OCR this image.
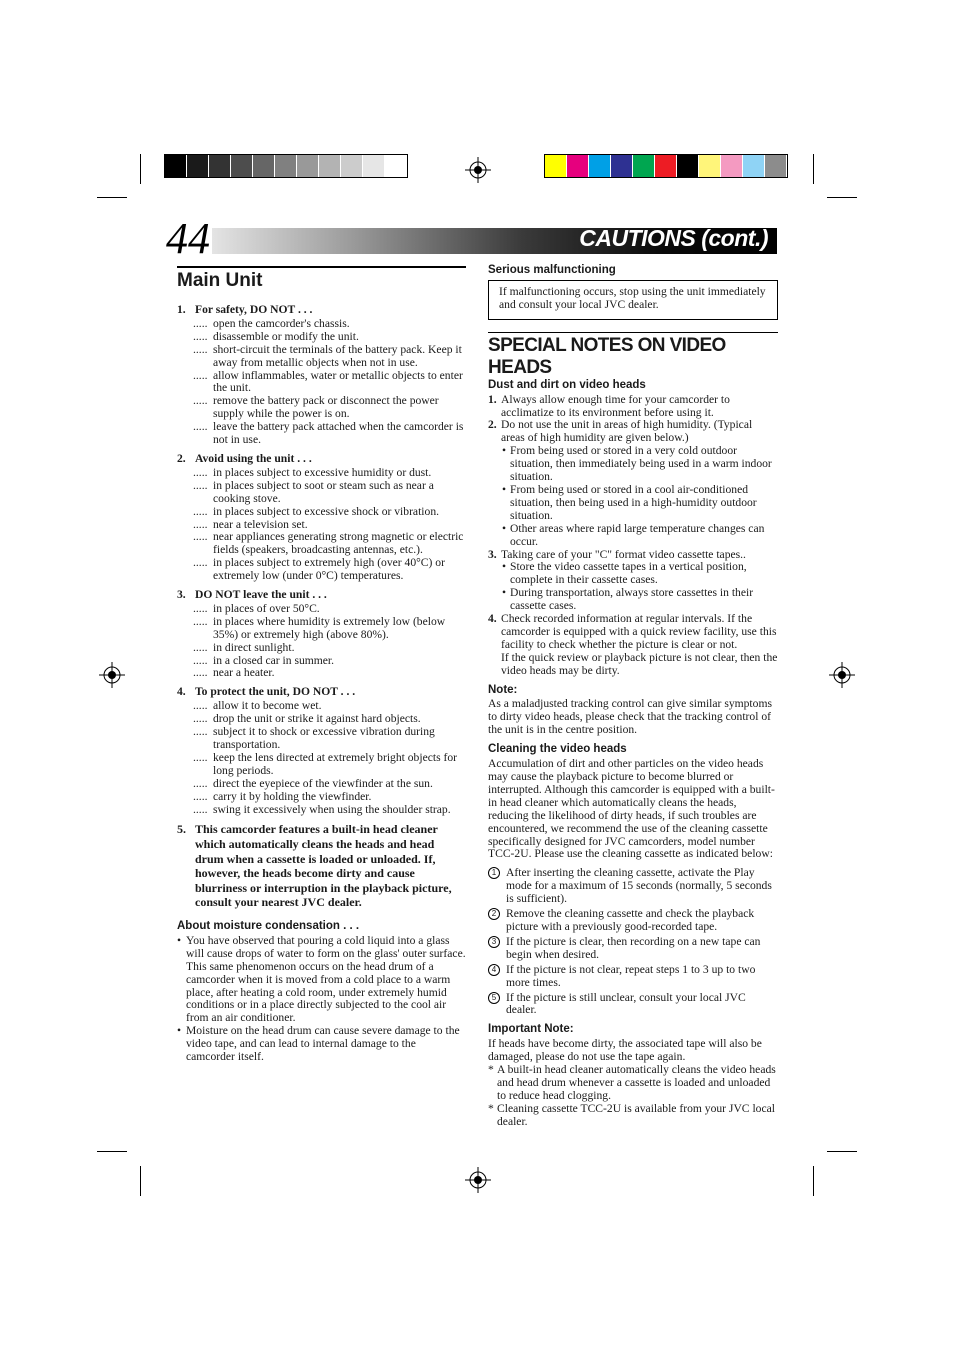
44	CAUTIONS (cont.)
Main Unit
1. For safety, DO NOT . . .
..... open the camcorder's chassis.
..... disassemble or modify the unit.
..... short-circuit the terminals of the battery pack. Keep it away from metallic objects when not in use.
..... allow inflammables, water or metallic objects to enter the unit.
..... remove the battery pack or disconnect the power supply while the power is on.
..... leave the battery pack attached when the camcorder is not in use.
2. Avoid using the unit . . .
..... in places subject to excessive humidity or dust.
..... in places subject to soot or steam such as near a cooking stove.
..... in places subject to excessive shock or vibration.
..... near a television set.
..... near appliances generating strong magnetic or electric fields (speakers, broadcasting antennas, etc.).
..... in places subject to extremely high (over 40°C) or extremely low (under 0°C) temperatures.
3. DO NOT leave the unit . . .
..... in places of over 50°C.
..... in places where humidity is extremely low (below 35%) or extremely high (above 80%).
..... in direct sunlight.
..... in a closed car in summer.
..... near a heater.
4. To protect the unit, DO NOT . . .
..... allow it to become wet.
..... drop the unit or strike it against hard objects.
..... subject it to shock or excessive vibration during transportation.
..... keep the lens directed at extremely bright objects for long periods.
..... direct the eyepiece of the viewfinder at the sun.
..... carry it by holding the viewfinder.
..... swing it excessively when using the shoulder strap.
5. This camcorder features a built-in head cleaner which automatically cleans the heads and head drum when a cassette is loaded or unloaded. If, however, the heads become dirty and cause blurriness or interruption in the playback picture, consult your nearest JVC dealer.
About moisture condensation . . .
• You have observed that pouring a cold liquid into a glass will cause drops of water to form on the glass' outer surface. This same phenomenon occurs on the head drum of a camcorder when it is moved from a cold place to a warm place, after heating a cold room, under extremely humid conditions or in a place directly subjected to the cool air from an air conditioner.
• Moisture on the head drum can cause severe damage to the video tape, and can lead to internal damage to the camcorder itself.
Serious malfunctioning
If malfunctioning occurs, stop using the unit immediately and consult your local JVC dealer.
SPECIAL NOTES ON VIDEO HEADS
Dust and dirt on video heads
1. Always allow enough time for your camcorder to acclimatize to its environment before using it.
2. Do not use the unit in areas of high humidity. (Typical areas of high humidity are given below.)
• From being used or stored in a very cold outdoor situation, then immediately being used in a warm indoor situation.
• From being used or stored in a cool air-conditioned situation, then being used in a high-humidity outdoor situation.
• Other areas where rapid large temperature changes can occur.
3. Taking care of your "C" format video cassette tapes..
• Store the video cassette tapes in a vertical position, complete in their cassette cases.
• During transportation, always store cassettes in their cassette cases.
4. Check recorded information at regular intervals. If the camcorder is equipped with a quick review facility, use this facility to check whether the picture is clear or not.
If the quick review or playback picture is not clear, then the video heads may be dirty.
Note:
As a maladjusted tracking control can give similar symptoms to dirty video heads, please check that the tracking control of the unit is in the centre position.
Cleaning the video heads
Accumulation of dirt and other particles on the video heads may cause the playback picture to become blurred or interrupted. Although this camcorder is equipped with a built-in head cleaner which automatically cleans the heads, reducing the likelihood of dirty heads, if such troubles are encountered, we recommend the use of the cleaning cassette specifically designed for JVC camcorders, model number TCC-2U. Please use the cleaning cassette as indicated below:
1 After inserting the cleaning cassette, activate the Play mode for a maximum of 15 seconds (normally, 5 seconds is sufficient).
2 Remove the cleaning cassette and check the playback picture with a previously good-recorded tape.
3 If the picture is clear, then recording on a new tape can begin when desired.
4 If the picture is not clear, repeat steps 1 to 3 up to two more times.
5 If the picture is still unclear, consult your local JVC dealer.
Important Note:
If heads have become dirty, the associated tape will also be damaged, please do not use the tape again.
* A built-in head cleaner automatically cleans the video heads and head drum whenever a cassette is loaded and unloaded to reduce head clogging.
* Cleaning cassette TCC-2U is available from your JVC local dealer.
